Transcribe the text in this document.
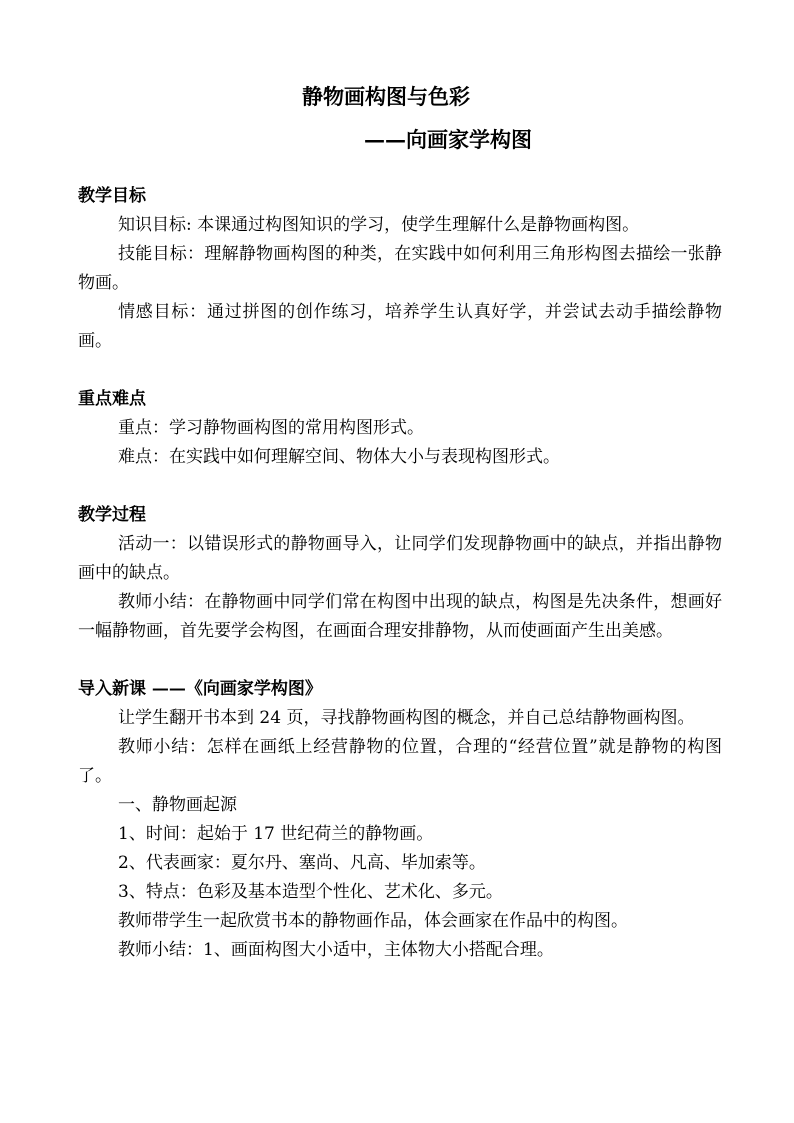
静物画构图与色彩
——向画家学构图
教学目标

知识目标: 本课通过构图知识的学习，使学生理解什么是静物画构图。

技能目标：理解静物画构图的种类，在实践中如何利用三角形构图去描绘一张静物画。

情感目标：通过拼图的创作练习，培养学生认真好学，并尝试去动手描绘静物画。

重点难点

重点：学习静物画构图的常用构图形式。

难点：在实践中如何理解空间、物体大小与表现构图形式。

教学过程

活动一：以错误形式的静物画导入，让同学们发现静物画中的缺点，并指出静物画中的缺点。

教师小结：在静物画中同学们常在构图中出现的缺点，构图是先决条件，想画好一幅静物画，首先要学会构图，在画面合理安排静物，从而使画面产生出美感。

导入新课 ——《向画家学构图》

让学生翻开书本到 24 页，寻找静物画构图的概念，并自己总结静物画构图。

教师小结：怎样在画纸上经营静物的位置，合理的“经营位置”就是静物的构图了。

一、静物画起源

1、时间：起始于 17 世纪荷兰的静物画。

2、代表画家：夏尔丹、塞尚、凡高、毕加索等。

3、特点：色彩及基本造型个性化、艺术化、多元。

教师带学生一起欣赏书本的静物画作品，体会画家在作品中的构图。

教师小结：1、画面构图大小适中，主体物大小搭配合理。
